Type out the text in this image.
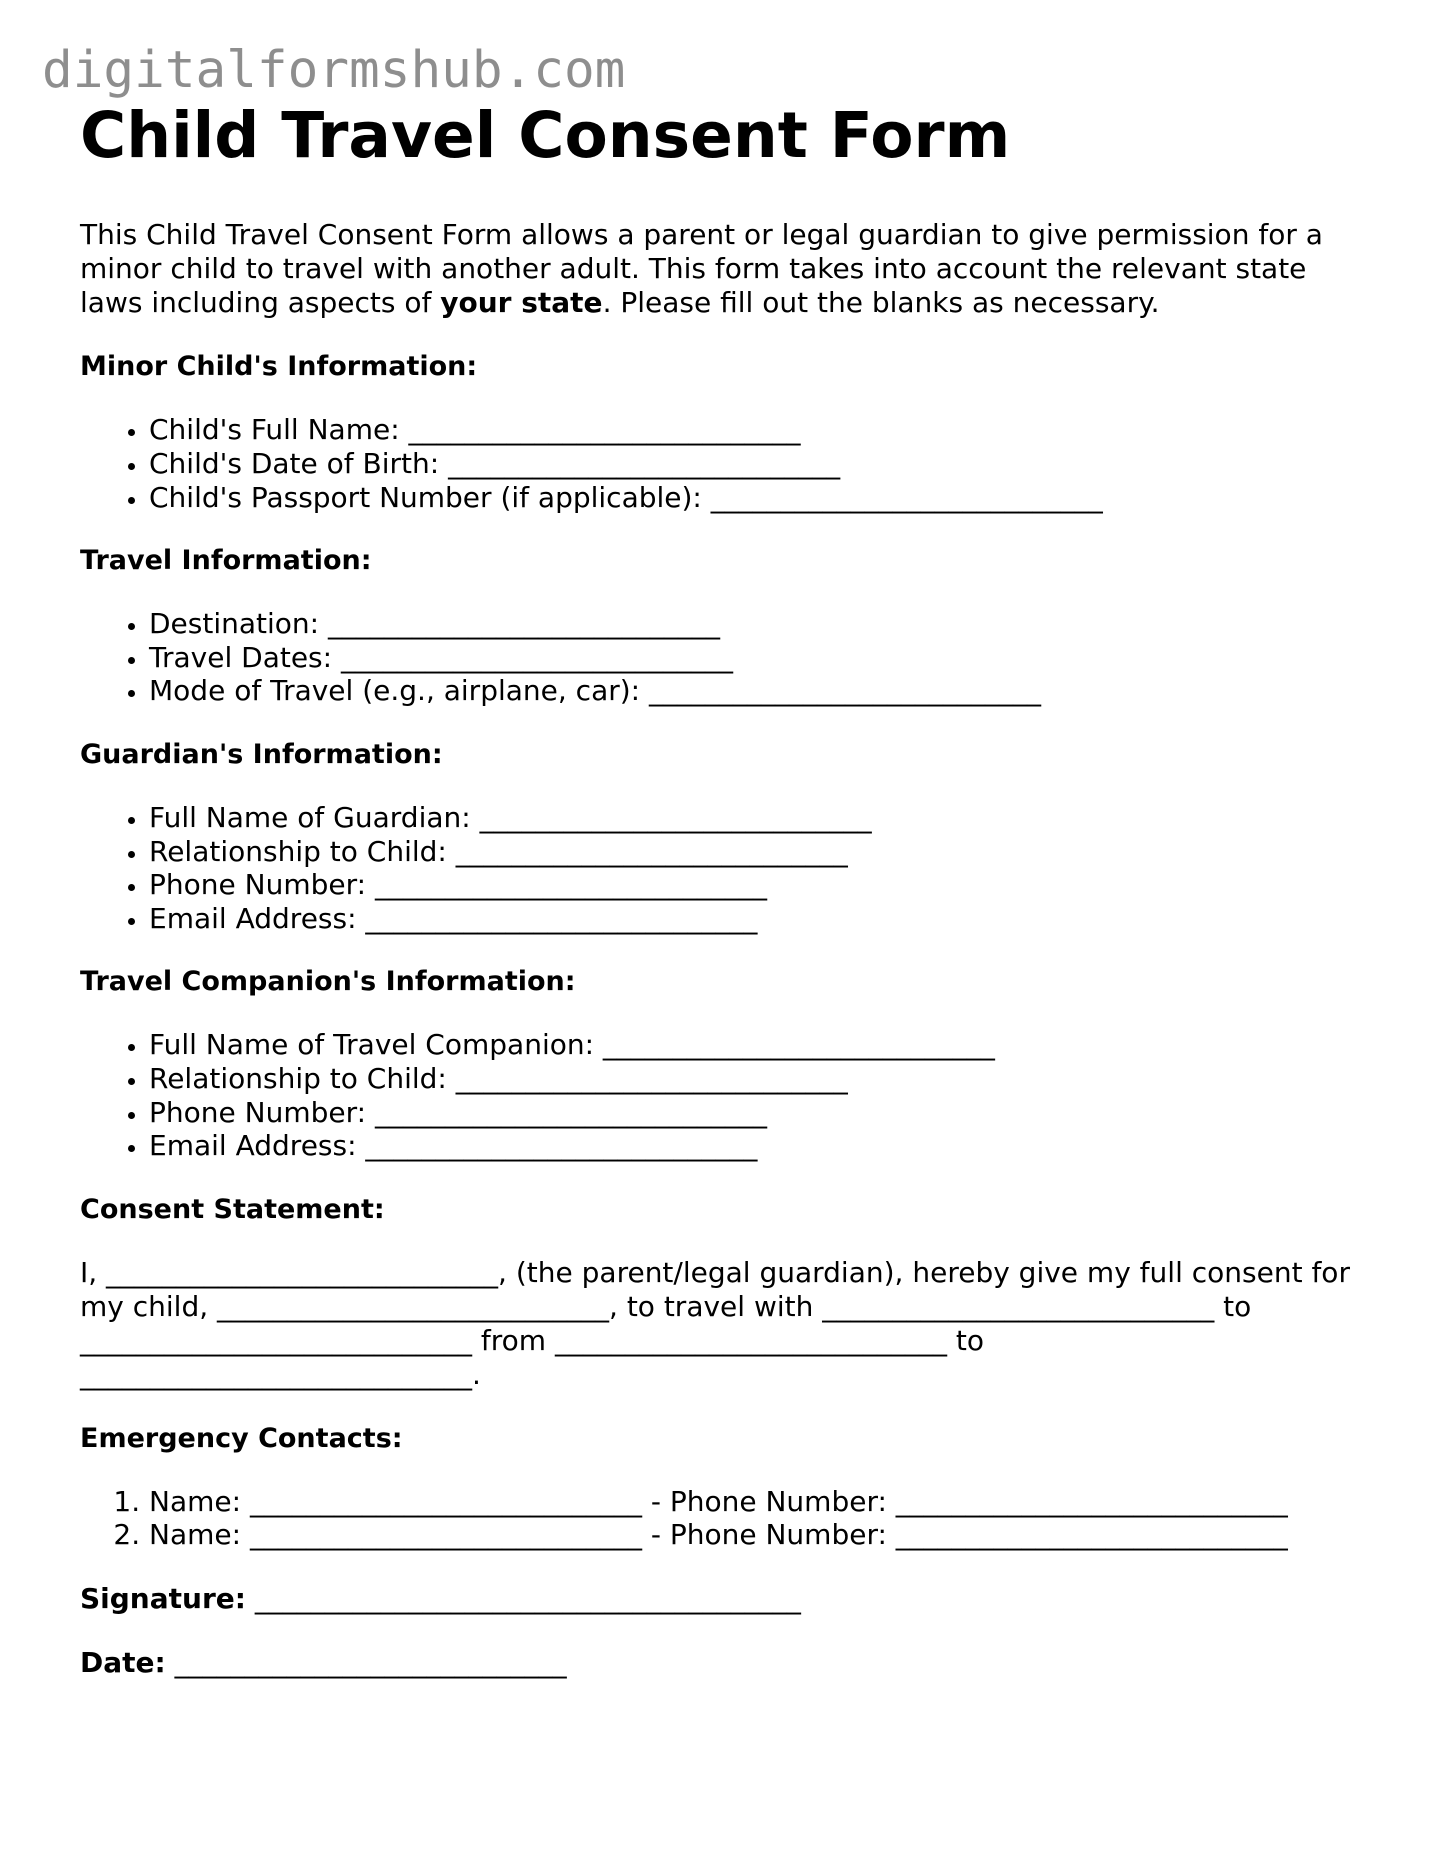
digitalformshub.com
Child Travel Consent Form

This Child Travel Consent Form allows a parent or legal guardian to give permission for a minor child to travel with another adult. This form takes into account the relevant state laws including aspects of your state. Please fill out the blanks as necessary.

Minor Child's Information:
• Child's Full Name: ____________________________
• Child's Date of Birth: ____________________________
• Child's Passport Number (if applicable): ____________________________
Travel Information:
• Destination: ____________________________
• Travel Dates: ____________________________
• Mode of Travel (e.g., airplane, car): ____________________________
Guardian's Information:
• Full Name of Guardian: ____________________________
• Relationship to Child: ____________________________
• Phone Number: ____________________________
• Email Address: ____________________________
Travel Companion's Information:
• Full Name of Travel Companion: ____________________________
• Relationship to Child: ____________________________
• Phone Number: ____________________________
• Email Address: ____________________________
Consent Statement:

I, ____________________________, (the parent/legal guardian), hereby give my full consent for my child, ____________________________, to travel with ____________________________ to ____________________________ from ____________________________ to ____________________________.

Emergency Contacts:
1. Name: ____________________________ - Phone Number: ____________________________
2. Name: ____________________________ - Phone Number: ____________________________

Signature: _______________________________________

Date: ____________________________
